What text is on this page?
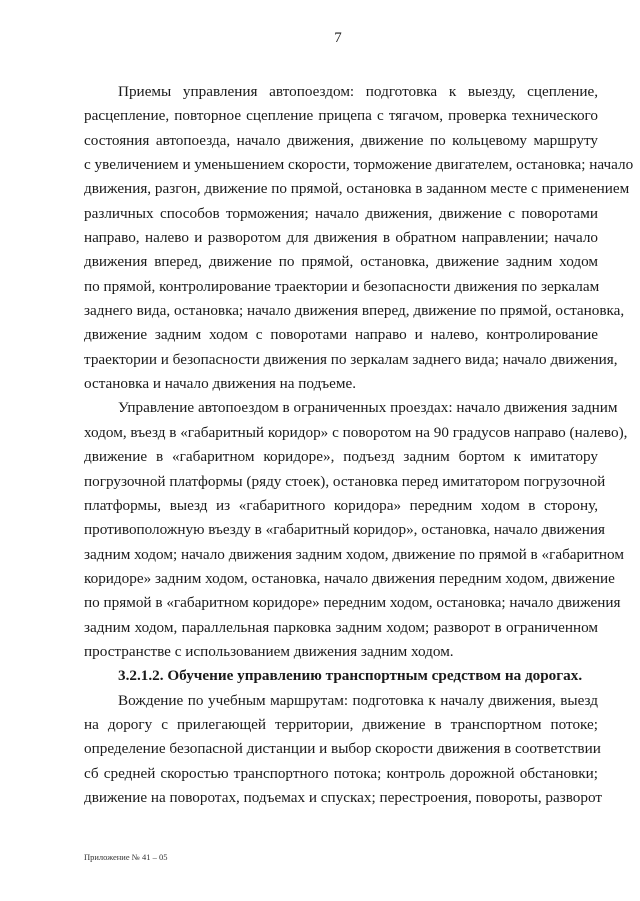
7
Приемы управления автопоездом: подготовка к выезду, сцепление,
расцепление, повторное сцепление прицепа с тягачом, проверка технического
состояния автопоезда, начало движения, движение по кольцевому маршруту
с увеличением и уменьшением скорости, торможение двигателем, остановка; начало
движения, разгон, движение по прямой, остановка в заданном месте с применением
различных способов торможения; начало движения, движение с поворотами
направо, налево и разворотом для движения в обратном направлении; начало
движения вперед, движение по прямой, остановка, движение задним ходом
по прямой, контролирование траектории и безопасности движения по зеркалам
заднего вида, остановка; начало движения вперед, движение по прямой, остановка,
движение задним ходом с поворотами направо и налево, контролирование
траектории и безопасности движения по зеркалам заднего вида; начало движения,
остановка и начало движения на подъеме.
Управление автопоездом в ограниченных проездах: начало движения задним
ходом, въезд в «габаритный коридор» с поворотом на 90 градусов направо (налево),
движение в «габаритном коридоре», подъезд задним бортом к имитатору
погрузочной платформы (ряду стоек), остановка перед имитатором погрузочной
платформы, выезд из «габаритного коридора» передним ходом в сторону,
противоположную въезду в «габаритный коридор», остановка, начало движения
задним ходом; начало движения задним ходом, движение по прямой в «габаритном
коридоре» задним ходом, остановка, начало движения передним ходом, движение
по прямой в «габаритном коридоре» передним ходом, остановка; начало движения
задним ходом, параллельная парковка задним ходом; разворот в ограниченном
пространстве с использованием движения задним ходом.
3.2.1.2. Обучение управлению транспортным средством на дорогах.
Вождение по учебным маршрутам: подготовка к началу движения, выезд
на дорогу с прилегающей территории, движение в транспортном потоке;
определение безопасной дистанции и выбор скорости движения в соответствии
сб средней скоростью транспортного потока; контроль дорожной обстановки;
движение на поворотах, подъемах и спусках; перестроения, повороты, разворот
Приложение № 41 – 05
